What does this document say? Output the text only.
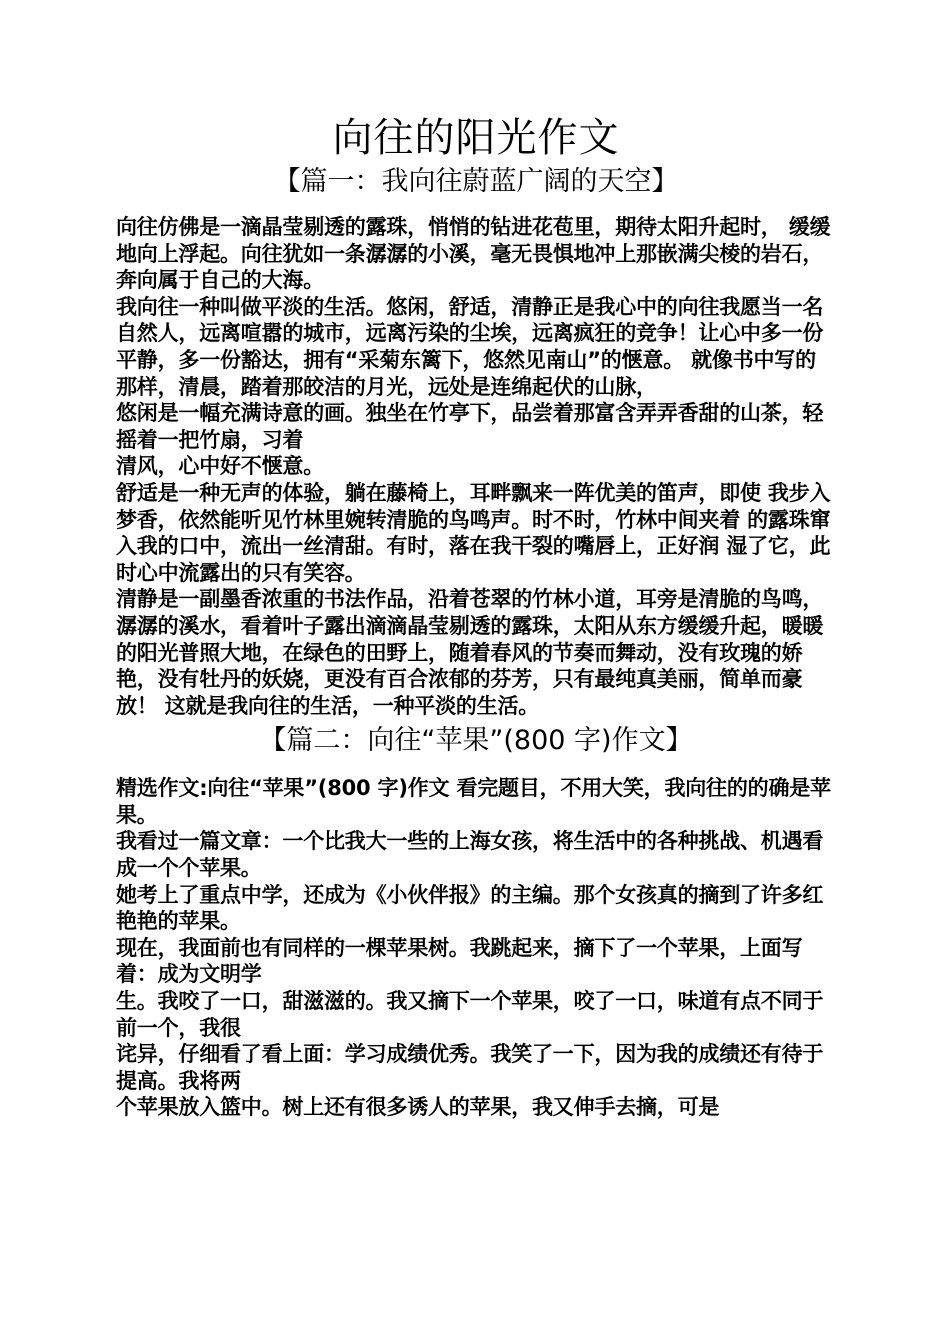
向往的阳光作文
【篇一：我向往蔚蓝广阔的天空】

向往仿佛是一滴晶莹剔透的露珠，悄悄的钻进花苞里，期待太阳升起时， 缓缓地向上浮起。向往犹如一条潺潺的小溪，毫无畏惧地冲上那嵌满尖棱的岩石，奔向属于自己的大海。

我向往一种叫做平淡的生活。悠闲，舒适，清静正是我心中的向往我愿当一名自然人，远离喧嚣的城市，远离污染的尘埃，远离疯狂的竞争！让心中多一份平静，多一份豁达，拥有“采菊东篱下，悠然见南山”的惬意。 就像书中写的那样，清晨，踏着那皎洁的月光，远处是连绵起伏的山脉，

悠闲是一幅充满诗意的画。独坐在竹亭下，品尝着那富含弄弄香甜的山茶，轻摇着一把竹扇，习着

清风，心中好不惬意。

舒适是一种无声的体验，躺在藤椅上，耳畔飘来一阵优美的笛声，即使 我步入梦香，依然能听见竹林里婉转清脆的鸟鸣声。时不时，竹林中间夹着 的露珠窜入我的口中，流出一丝清甜。有时，落在我干裂的嘴唇上，正好润 湿了它，此时心中流露出的只有笑容。

清静是一副墨香浓重的书法作品，沿着苍翠的竹林小道，耳旁是清脆的鸟鸣，潺潺的溪水，看着叶子露出滴滴晶莹剔透的露珠，太阳从东方缓缓升起，暖暖的阳光普照大地，在绿色的田野上，随着春风的节奏而舞动，没有玫瑰的娇艳，没有牡丹的妖娆，更没有百合浓郁的芬芳，只有最纯真美丽，简单而豪放！ 这就是我向往的生活，一种平淡的生活。

【篇二：向往“苹果”(800 字)作文】

精选作文:向往“苹果”(800 字)作文 看完题目，不用大笑，我向往的的确是苹果。

我看过一篇文章：一个比我大一些的上海女孩，将生活中的各种挑战、机遇看成一个个苹果。

她考上了重点中学，还成为《小伙伴报》的主编。那个女孩真的摘到了许多红艳艳的苹果。

现在，我面前也有同样的一棵苹果树。我跳起来，摘下了一个苹果，上面写着：成为文明学

生。我咬了一口，甜滋滋的。我又摘下一个苹果，咬了一口，味道有点不同于前一个，我很

诧异，仔细看了看上面：学习成绩优秀。我笑了一下，因为我的成绩还有待于提高。我将两

个苹果放入篮中。树上还有很多诱人的苹果，我又伸手去摘，可是
